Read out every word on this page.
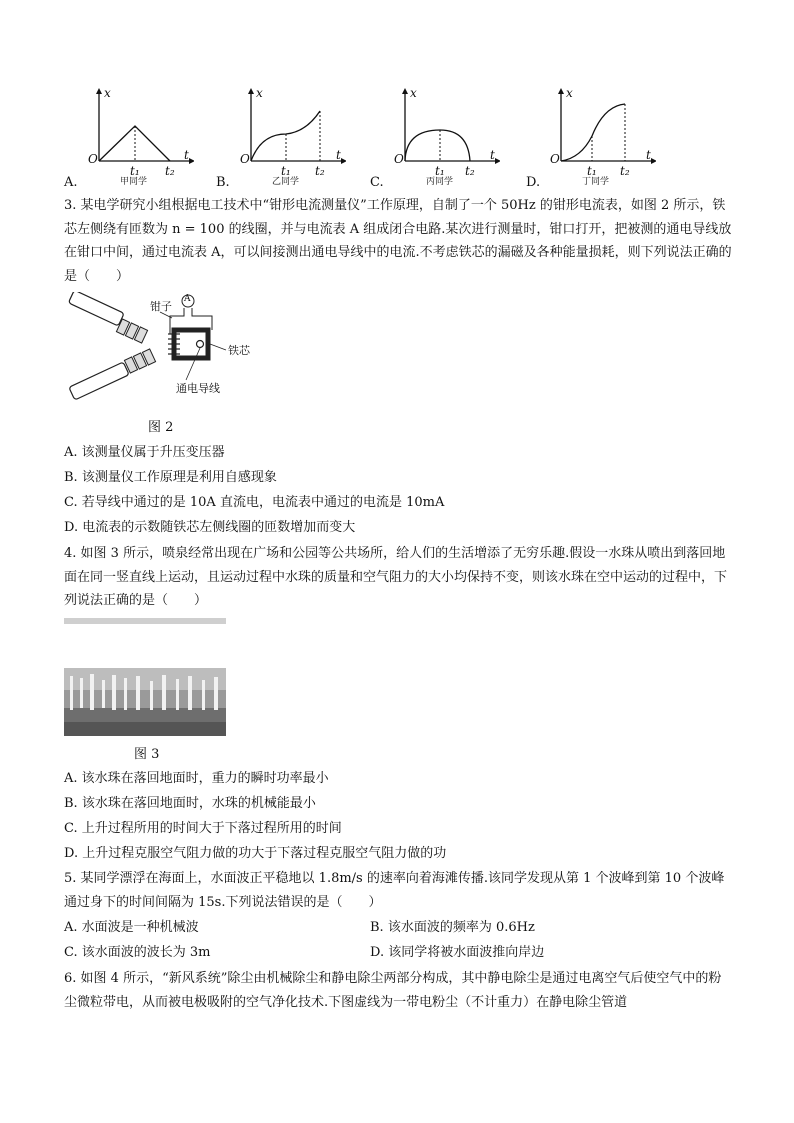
x
t
O
t₁ t₂
甲同学
A.
x
t
O
t₁ t₂
乙同学
B.
x
t
O
t₁ t₂
丙同学
C.
x
t
O
t₁ t₂
丁同学
D.
3. 某电学研究小组根据电工技术中“钳形电流测量仪”工作原理，自制了一个 50Hz 的钳形电流表，如图 2 所示，铁芯左侧绕有匝数为 n = 100 的线圈，并与电流表 A 组成闭合电路.某次进行测量时，钳口打开，把被测的通电导线放在钳口中间，通过电流表 A，可以间接测出通电导线中的电流.不考虑铁芯的漏磁及各种能量损耗，则下列说法正确的是（　　）
A
钳子
铁芯
通电导线
图 2
A. 该测量仪属于升压变压器
B. 该测量仪工作原理是利用自感现象
C. 若导线中通过的是 10A 直流电，电流表中通过的电流是 10mA
D. 电流表的示数随铁芯左侧线圈的匝数增加而变大
4. 如图 3 所示，喷泉经常出现在广场和公园等公共场所，给人们的生活增添了无穷乐趣.假设一水珠从喷出到落回地面在同一竖直线上运动，且运动过程中水珠的质量和空气阻力的大小均保持不变，则该水珠在空中运动的过程中，下列说法正确的是（　　）
图 3
A. 该水珠在落回地面时，重力的瞬时功率最小
B. 该水珠在落回地面时，水珠的机械能最小
C. 上升过程所用的时间大于下落过程所用的时间
D. 上升过程克服空气阻力做的功大于下落过程克服空气阻力做的功
5. 某同学漂浮在海面上，水面波正平稳地以 1.8m/s 的速率向着海滩传播.该同学发现从第 1 个波峰到第 10 个波峰通过身下的时间间隔为 15s.下列说法错误的是（　　）
A. 水面波是一种机械波	B. 该水面波的频率为 0.6Hz
C. 该水面波的波长为 3m	D. 该同学将被水面波推向岸边
6. 如图 4 所示，“新风系统”除尘由机械除尘和静电除尘两部分构成，其中静电除尘是通过电离空气后使空气中的粉尘微粒带电，从而被电极吸附的空气净化技术.下图虚线为一带电粉尘（不计重力）在静电除尘管道
